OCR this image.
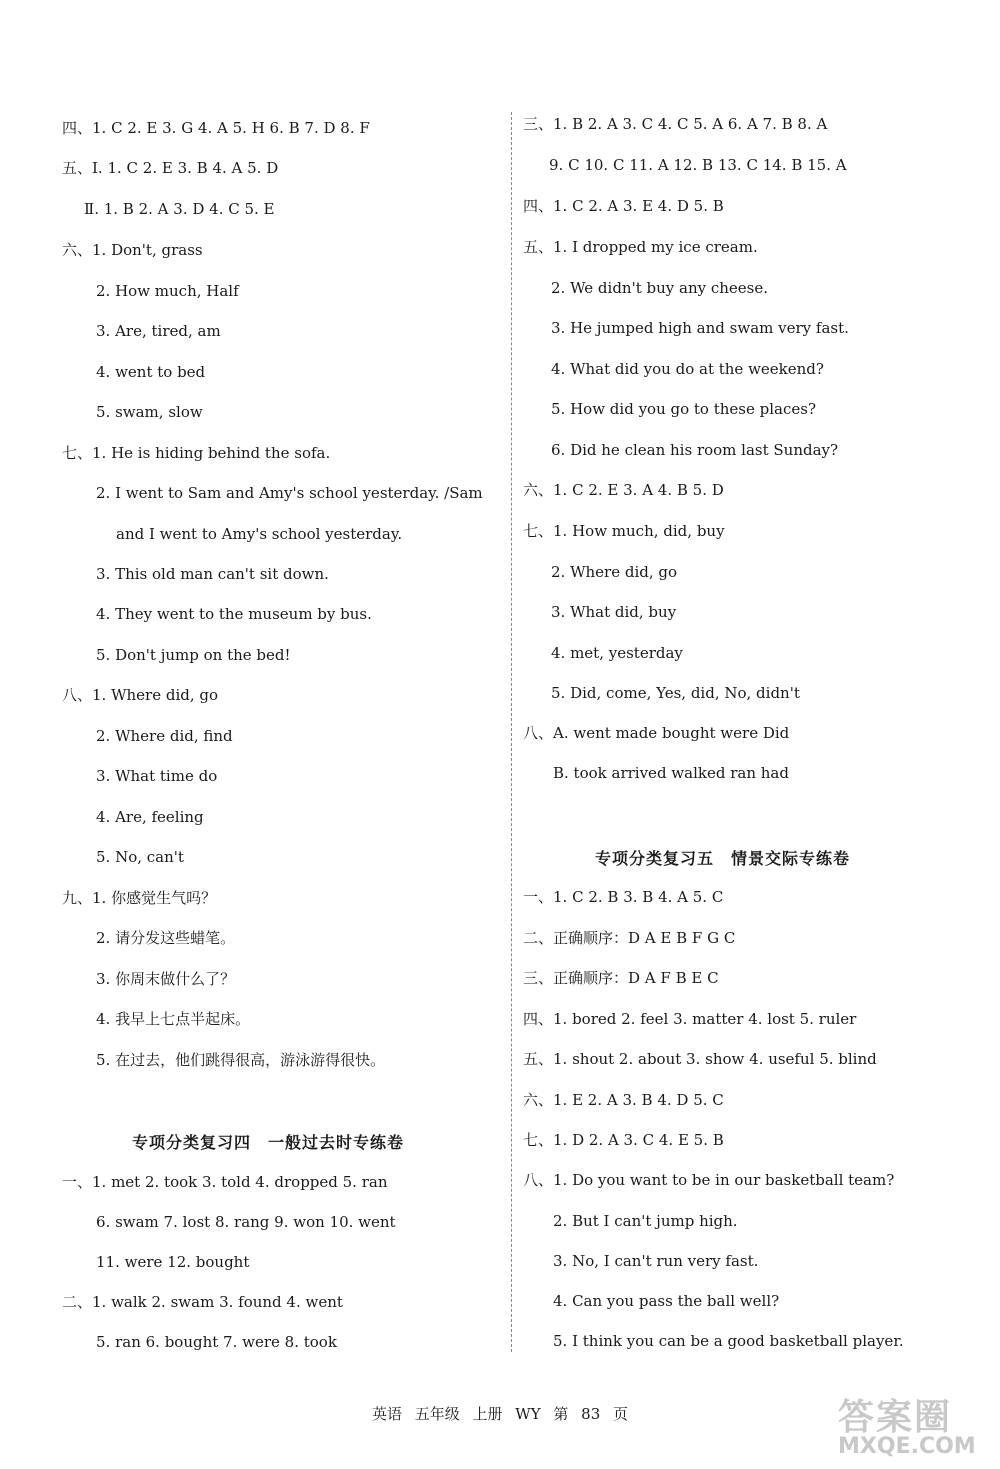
四、1. C 2. E 3. G 4. A 5. H 6. B 7. D 8. F
五、Ⅰ. 1. C 2. E 3. B 4. A 5. D
Ⅱ. 1. B 2. A 3. D 4. C 5. E
六、1. Don't, grass
2. How much, Half
3. Are, tired, am
4. went to bed
5. swam, slow
七、1. He is hiding behind the sofa.
2. I went to Sam and Amy's school yesterday. /Sam
and I went to Amy's school yesterday.
3. This old man can't sit down.
4. They went to the museum by bus.
5. Don't jump on the bed!
八、1. Where did, go
2. Where did, find
3. What time do
4. Are, feeling
5. No, can't
九、1. 你感觉生气吗？
2. 请分发这些蜡笔。
3. 你周末做什么了？
4. 我早上七点半起床。
5. 在过去，他们跳得很高，游泳游得很快。
一、1. met 2. took 3. told 4. dropped 5. ran
6. swam 7. lost 8. rang 9. won 10. went
11. were 12. bought
二、1. walk 2. swam 3. found 4. went
5. ran 6. bought 7. were 8. took
专项分类复习四　一般过去时专练卷
三、1. B 2. A 3. C 4. C 5. A 6. A 7. B 8. A
9. C 10. C 11. A 12. B 13. C 14. B 15. A
四、1. C 2. A 3. E 4. D 5. B
五、1. I dropped my ice cream.
2. We didn't buy any cheese.
3. He jumped high and swam very fast.
4. What did you do at the weekend?
5. How did you go to these places?
6. Did he clean his room last Sunday?
六、1. C 2. E 3. A 4. B 5. D
七、1. How much, did, buy
2. Where did, go
3. What did, buy
4. met, yesterday
5. Did, come, Yes, did, No, didn't
八、A. went made bought were Did
B. took arrived walked ran had
一、1. C 2. B 3. B 4. A 5. C
二、正确顺序：D A E B F G C
三、正确顺序：D A F B E C
四、1. bored 2. feel 3. matter 4. lost 5. ruler
五、1. shout 2. about 3. show 4. useful 5. blind
六、1. E 2. A 3. B 4. D 5. C
七、1. D 2. A 3. C 4. E 5. B
八、1. Do you want to be in our basketball team?
2. But I can't jump high.
3. No, I can't run very fast.
4. Can you pass the ball well?
5. I think you can be a good basketball player.
专项分类复习五　情景交际专练卷
英语 五年级 上册 WY 第 83 页	答案圈
MXQE.COM
